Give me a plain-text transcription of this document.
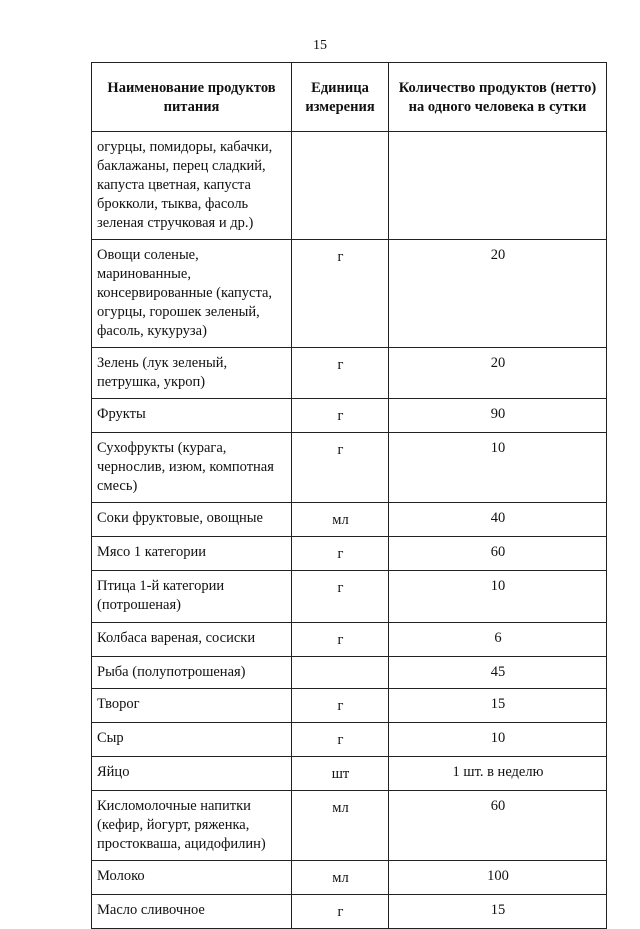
15
Наименование продуктов питания	Единица измерения	Количество продуктов (нетто) на одного человека в сутки
огурцы, помидоры, кабачки, баклажаны, перец сладкий, капуста цветная, капуста брокколи, тыква, фасоль зеленая стручковая и др.)		
Овощи соленые, маринованные, консервированные (капуста, огурцы, горошек зеленый, фасоль, кукуруза)	г	20
Зелень (лук зеленый, петрушка, укроп)	г	20
Фрукты	г	90
Сухофрукты (курага, чернослив, изюм, компотная смесь)	г	10
Соки фруктовые, овощные	мл	40
Мясо 1 категории	г	60
Птица 1-й категории (потрошеная)	г	10
Колбаса вареная, сосиски	г	6
Рыба (полупотрошеная)		45
Творог	г	15
Сыр	г	10
Яйцо	шт	1 шт. в неделю
Кисломолочные напитки (кефир, йогурт, ряженка, простокваша, ацидофилин)	мл	60
Молоко	мл	100
Масло сливочное	г	15
